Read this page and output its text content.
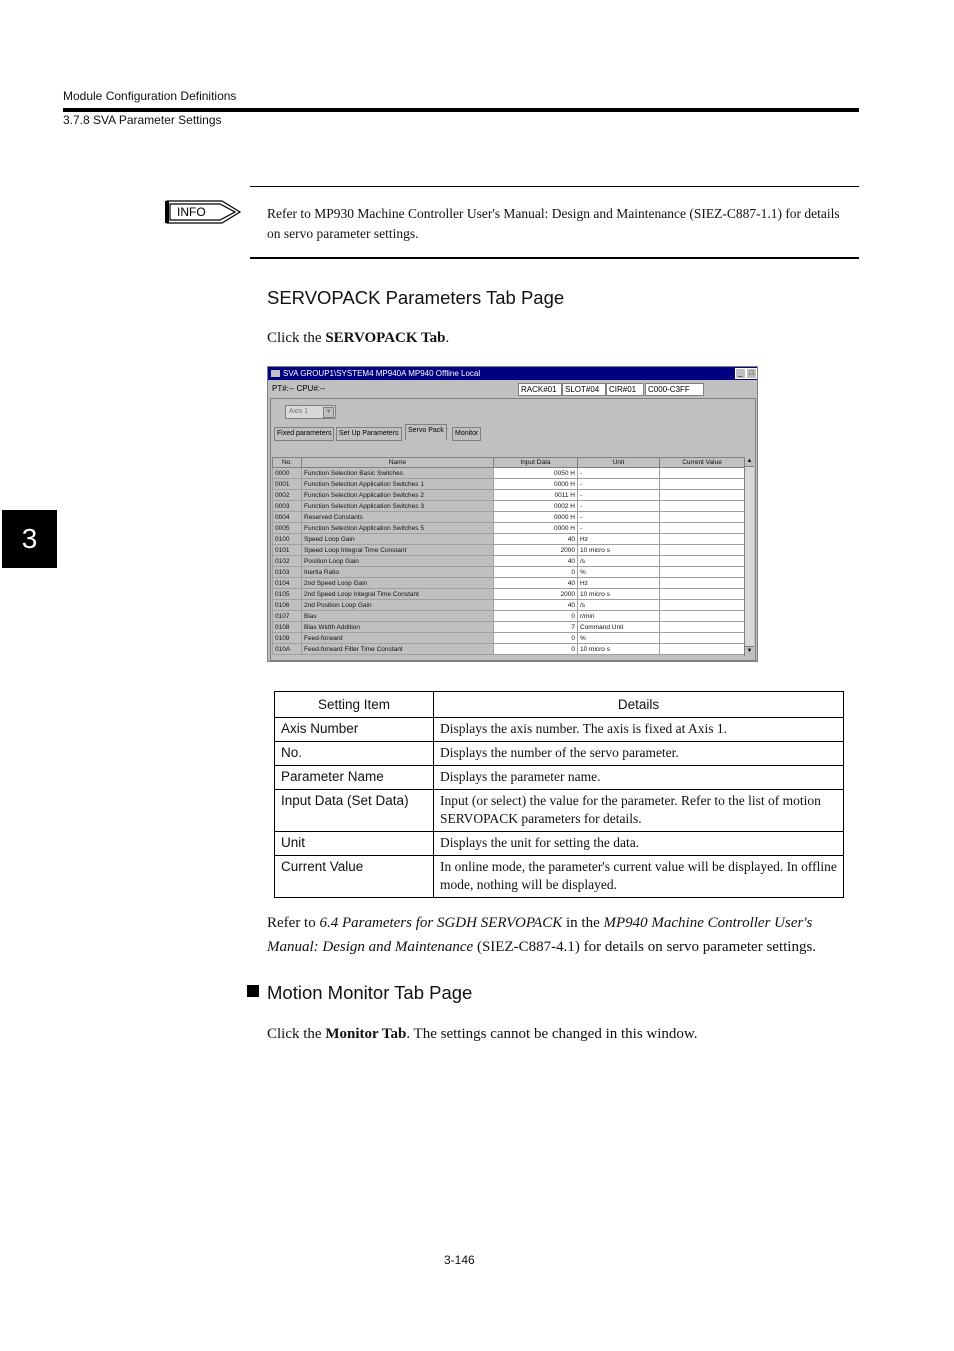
Module Configuration Definitions
3.7.8 SVA Parameter Settings
3
INFO	Refer to MP930 Machine Controller User's Manual: Design and Maintenance (SIEZ-C887-1.1) for details on servo parameter settings.
SERVOPACK Parameters Tab Page
Click the SERVOPACK Tab.
SVA GROUP1\SYSTEM4 MP940A MP940 Offline Local	_ □
PT#:-- CPU#:--	RACK#01	SLOT#04	CIR#01	C000-C3FF
Axis 1	▼
Fixed parameters	Set Up Parameters	Servo Pack	Monitor
No.	Name	Input Data	Unit	Current Value
0000	Function Selection Basic Switches	0050 H	-	
0001	Function Selection Application Switches 1	0000 H	-	
0002	Function Selection Application Switches 2	0011 H	-	
0003	Function Selection Application Switches 3	0002 H	-	
0004	Reserved Constants	0000 H	-	
0005	Function Selection Application Switches 5	0000 H	-	
0100	Speed Loop Gain	40	Hz	
0101	Speed Loop Integral Time Constant	2000	10 micro s	
0102	Position Loop Gain	40	/s	
0103	Inertia Ratio	0	%	
0104	2nd Speed Loop Gain	40	Hz	
0105	2nd Speed Loop Integral Time Constant	2000	10 micro s	
0106	2nd Position Loop Gain	40	/s	
0107	Bias	0	r/min	
0108	Bias Width Addition	7	Command Unit	
0109	Feed-forward	0	%	
010A	Feed-forward Filter Time Constant	0	10 micro s	
▲
▼
Setting Item	Details
Axis Number	Displays the axis number. The axis is fixed at Axis 1.
No.	Displays the number of the servo parameter.
Parameter Name	Displays the parameter name.
Input Data (Set Data)	Input (or select) the value for the parameter. Refer to the list of motion SERVOPACK parameters for details.
Unit	Displays the unit for setting the data.
Current Value	In online mode, the parameter's current value will be displayed. In offline mode, nothing will be displayed.
Refer to 6.4 Parameters for SGDH SERVOPACK in the MP940 Machine Controller User's Manual: Design and Maintenance (SIEZ-C887-4.1) for details on servo parameter settings.
Motion Monitor Tab Page
Click the Monitor Tab. The settings cannot be changed in this window.
3-146
